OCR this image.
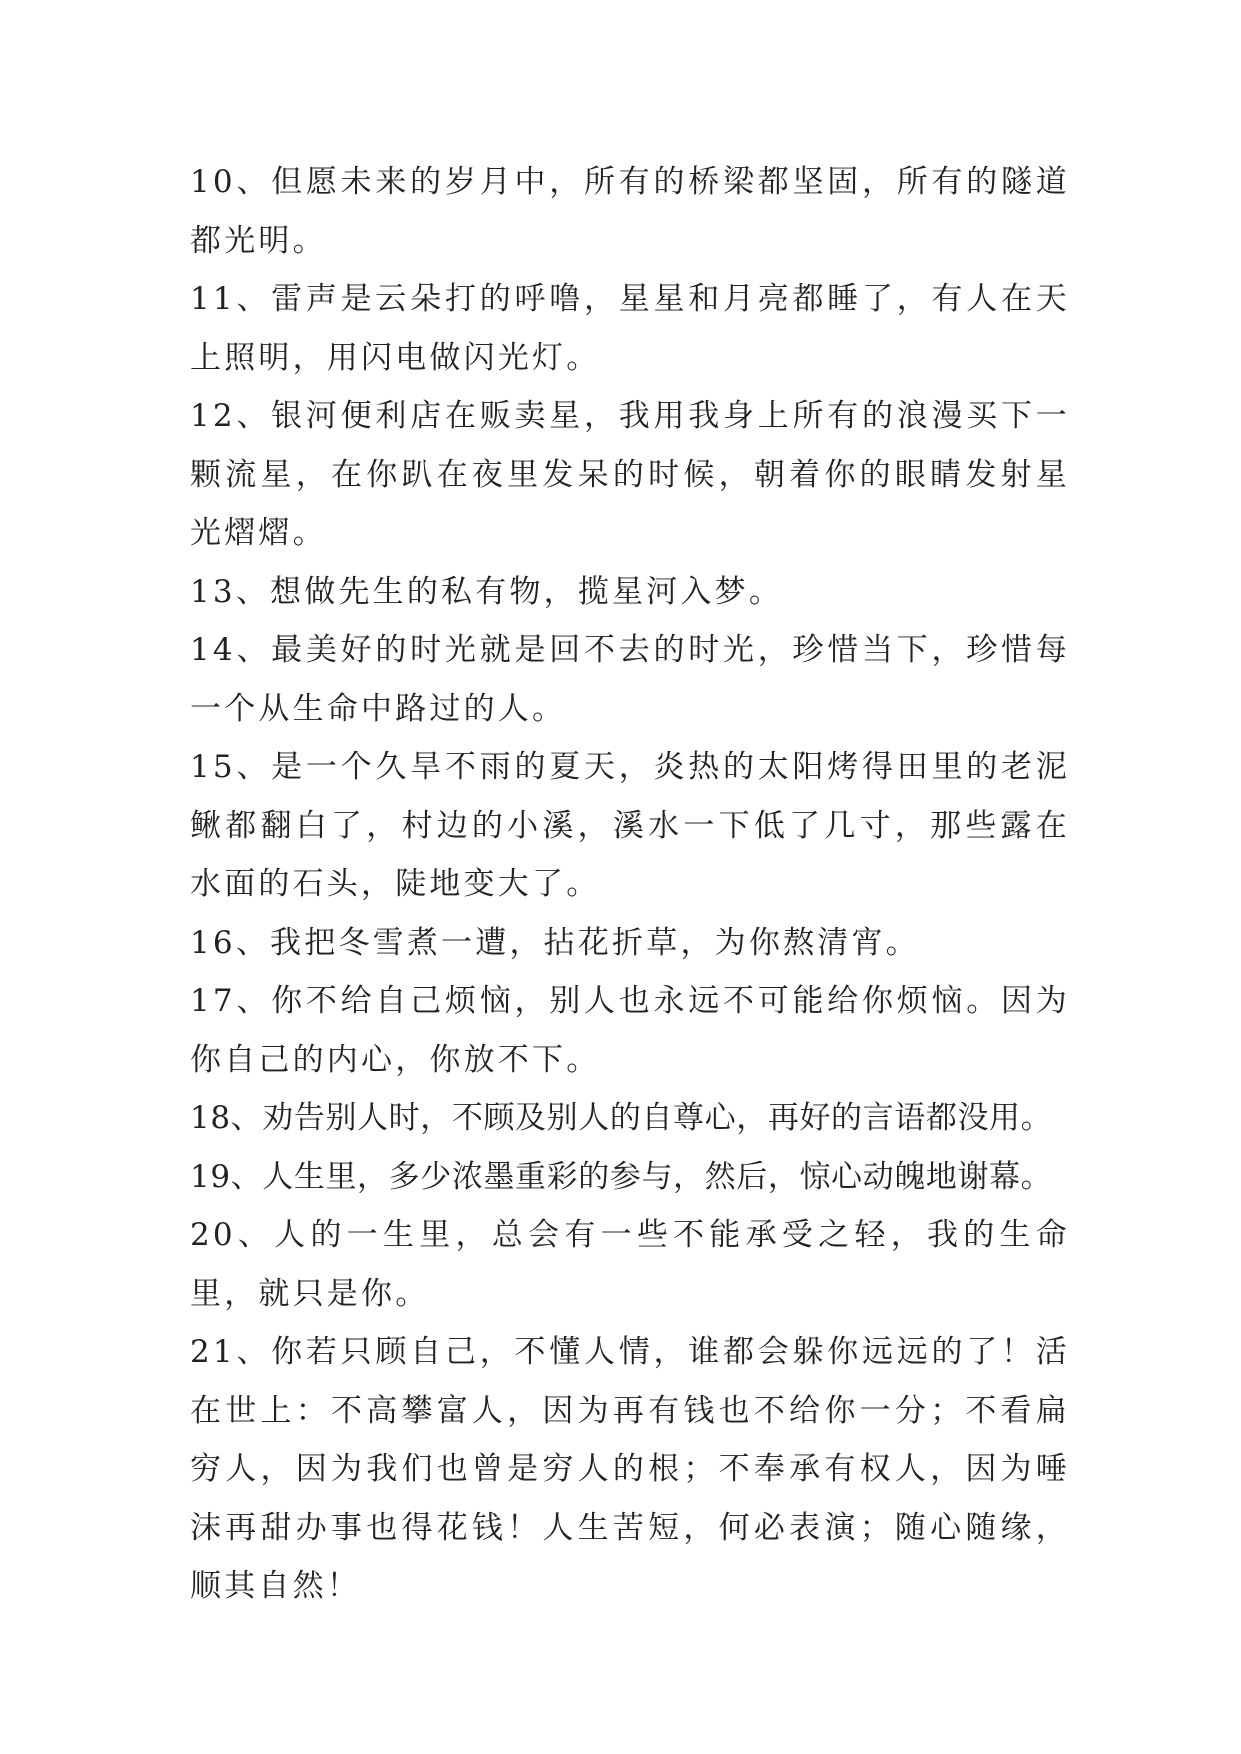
10、但愿未来的岁月中，所有的桥梁都坚固，所有的隧道都光明。

11、雷声是云朵打的呼噜，星星和月亮都睡了，有人在天上照明，用闪电做闪光灯。

12、银河便利店在贩卖星，我用我身上所有的浪漫买下一颗流星，在你趴在夜里发呆的时候，朝着你的眼睛发射星光熠熠。

13、想做先生的私有物，揽星河入梦。

14、最美好的时光就是回不去的时光，珍惜当下，珍惜每一个从生命中路过的人。

15、是一个久旱不雨的夏天，炎热的太阳烤得田里的老泥鳅都翻白了，村边的小溪，溪水一下低了几寸，那些露在水面的石头，陡地变大了。

16、我把冬雪煮一遭，拈花折草，为你熬清宵。

17、你不给自己烦恼，别人也永远不可能给你烦恼。因为你自己的内心，你放不下。

18、劝告别人时，不顾及别人的自尊心，再好的言语都没用。

19、人生里，多少浓墨重彩的参与，然后，惊心动魄地谢幕。

20、人的一生里，总会有一些不能承受之轻，我的生命里，就只是你。

21、你若只顾自己，不懂人情，谁都会躲你远远的了！活在世上：不高攀富人，因为再有钱也不给你一分；不看扁穷人，因为我们也曾是穷人的根；不奉承有权人，因为唾沫再甜办事也得花钱！人生苦短，何必表演；随心随缘，顺其自然！
